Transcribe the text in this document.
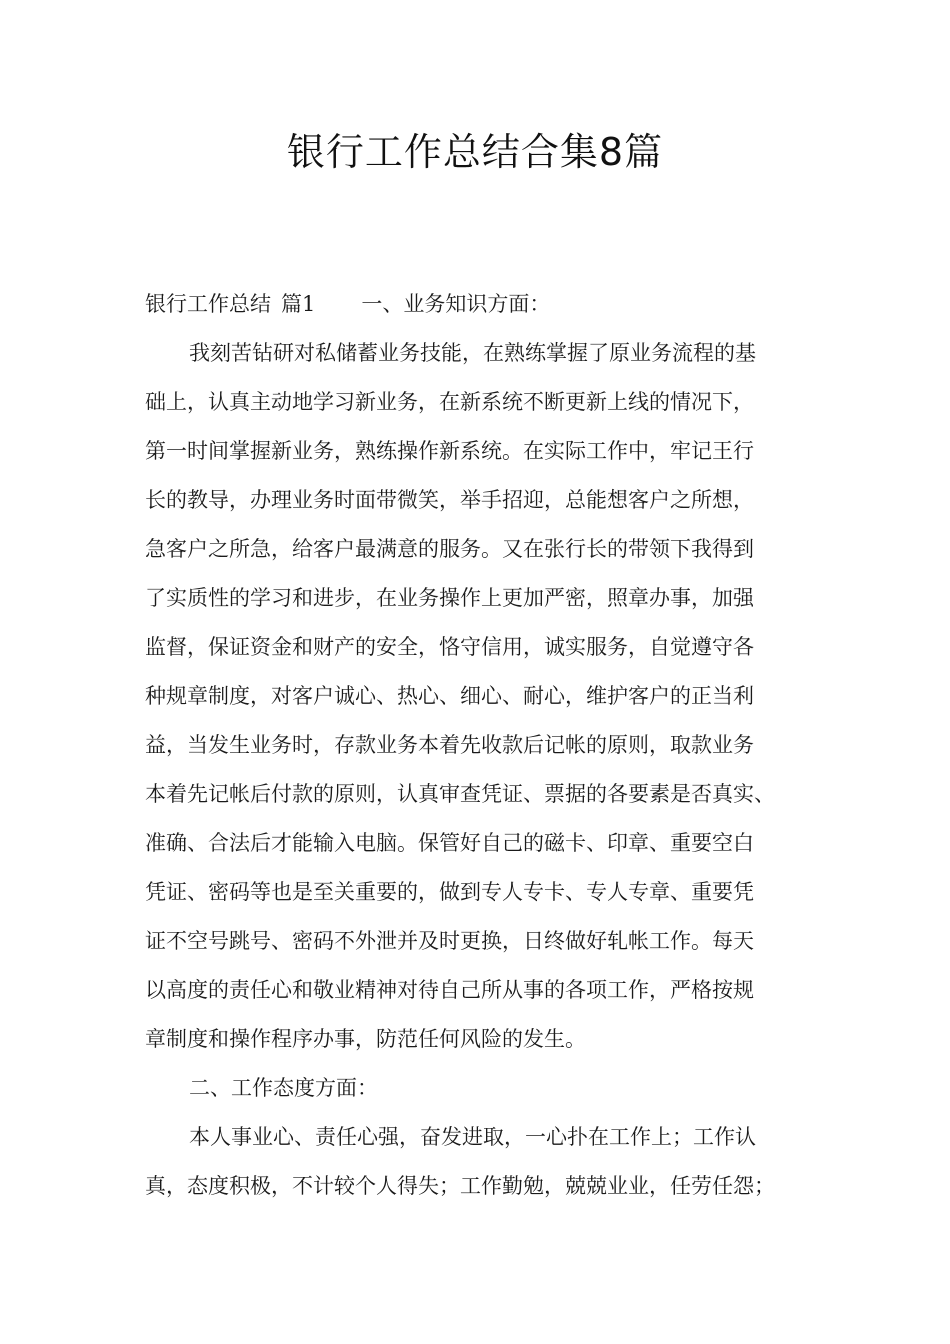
银行工作总结合集8篇
银行工作总结 篇1 一、业务知识方面：
我刻苦钻研对私储蓄业务技能，在熟练掌握了原业务流程的基
础上，认真主动地学习新业务，在新系统不断更新上线的情况下，
第一时间掌握新业务，熟练操作新系统。在实际工作中，牢记王行
长的教导，办理业务时面带微笑，举手招迎，总能想客户之所想，
急客户之所急，给客户最满意的服务。又在张行长的带领下我得到
了实质性的学习和进步，在业务操作上更加严密，照章办事，加强
监督，保证资金和财产的安全，恪守信用，诚实服务，自觉遵守各
种规章制度，对客户诚心、热心、细心、耐心，维护客户的正当利
益，当发生业务时，存款业务本着先收款后记帐的原则，取款业务
本着先记帐后付款的原则，认真审查凭证、票据的各要素是否真实、
准确、合法后才能输入电脑。保管好自己的磁卡、印章、重要空白
凭证、密码等也是至关重要的，做到专人专卡、专人专章、重要凭
证不空号跳号、密码不外泄并及时更换，日终做好轧帐工作。每天
以高度的责任心和敬业精神对待自己所从事的各项工作，严格按规
章制度和操作程序办事，防范任何风险的发生。
二、工作态度方面：
本人事业心、责任心强，奋发进取，一心扑在工作上；工作认
真，态度积极，不计较个人得失；工作勤勉，兢兢业业，任劳任怨；
